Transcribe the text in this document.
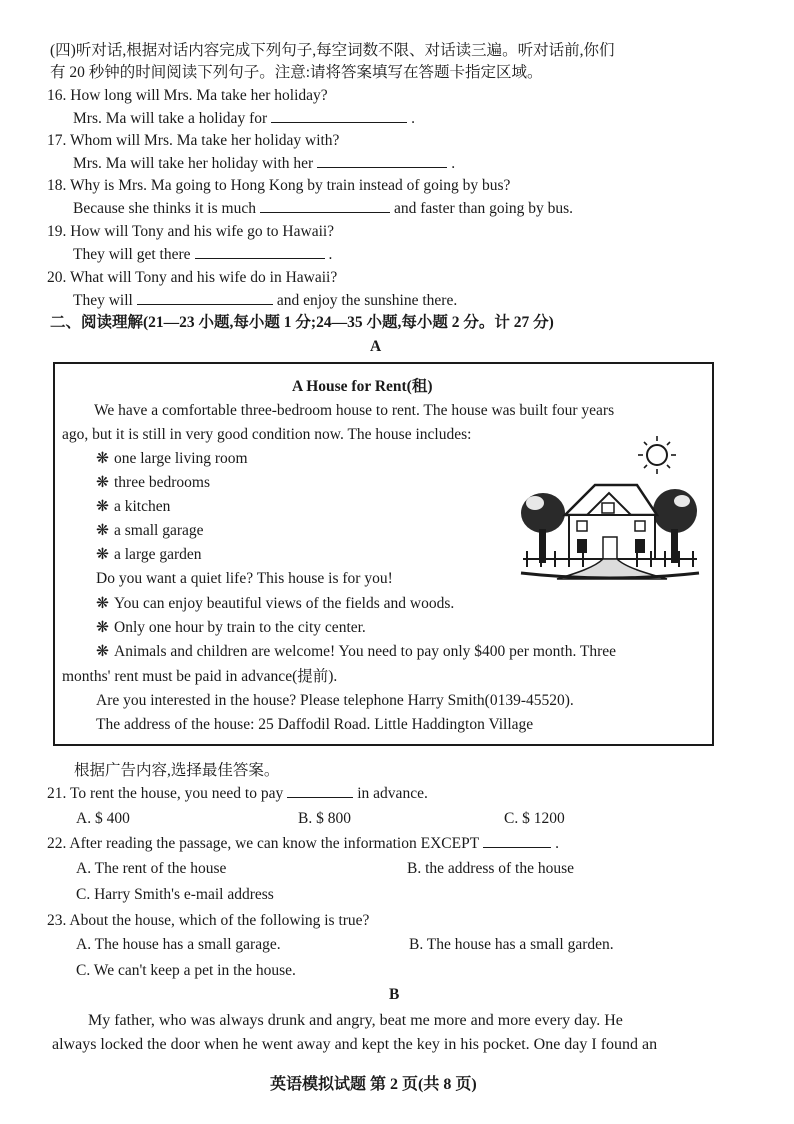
(四)听对话,根据对话内容完成下列句子,每空词数不限、对话读三遍。听对话前,你们
有 20 秒钟的时间阅读下列句子。注意:请将答案填写在答题卡指定区域。
16. How long will Mrs. Ma take her holiday?
Mrs. Ma will take a holiday for	.
17. Whom will Mrs. Ma take her holiday with?
Mrs. Ma will take her holiday with her	.
18. Why is Mrs. Ma going to Hong Kong by train instead of going by bus?
Because she thinks it is much	and faster than going by bus.
19. How will Tony and his wife go to Hawaii?
They will get there	.
20. What will Tony and his wife do in Hawaii?
They will	and enjoy the sunshine there.
二、阅读理解(21—23 小题,每小题 1 分;24—35 小题,每小题 2 分。计 27 分)
A
A House for Rent(租)
We have a comfortable three-bedroom house to rent. The house was built four years
ago, but it is still in very good condition now. The house includes:
❋ one large living room
❋ three bedrooms
❋ a kitchen
❋ a small garage
❋ a large garden
Do you want a quiet life? This house is for you!
❋ You can enjoy beautiful views of the fields and woods.
❋ Only one hour by train to the city center.
❋ Animals and children are welcome! You need to pay only $400 per month. Three
months' rent must be paid in advance(提前).
Are you interested in the house? Please telephone Harry Smith(0139-45520).
The address of the house: 25 Daffodil Road. Little Haddington Village
根据广告内容,选择最佳答案。
21. To rent the house, you need to pay	in advance.
A. $ 400	B. $ 800	C. $ 1200
22. After reading the passage, we can know the information EXCEPT	.
A. The rent of the house	B. the address of the house
C. Harry Smith's e-mail address
23. About the house, which of the following is true?
A. The house has a small garage.	B. The house has a small garden.
C. We can't keep a pet in the house.
B
My father, who was always drunk and angry, beat me more and more every day. He
always locked the door when he went away and kept the key in his pocket. One day I found an
英语模拟试题 第 2 页(共 8 页)
